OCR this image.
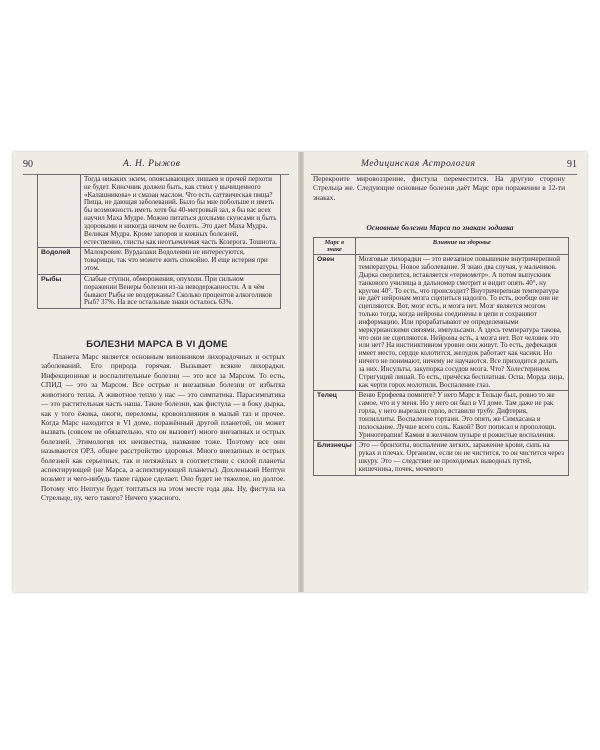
90	А. Н. Рыжов
	Тогда никаких экзем, опоясывающих лишаев и прочей перхоти не будет. Кинсчник должен быть, как ствол у вычищенного «Калашникова» и смазан маслом. Что есть саттвическая пища? Пища, не дающая заболеваний. Было бы мне побольше и иметь бы возможность иметь хотя бы 40-метровый зал, я бы вас всех научил Маха Мудре. Можно питаться дохлыми скунсами и быть здоровыми и никогда ничем не болеть. Это дает Маха Мудра. Великая Мудра. Кроме запоров и кожных болезней, естественно, глисты как неотъемлемая часть Козерога. Тошнота.
Водолей	Малокровие. Вурдалаки Водолеями не интересуются, товарищи, так что можете жить спокойно. И еще истерия при этом.
Рыбы	Слабые ступни, обморожения, опухоли. При сильном поражении Венеры болезни из-за неводержанности. А в чём бывают Рыбы не воздержаны? Сколько процентов алкоголиков Рыб? 37%. На все остальные знаки осталось 63%.
БОЛЕЗНИ МАРСА В VI ДОМЕ

Планета Марс является основным виновником лихорадочных и острых заболеваний. Его природа горячая. Вызывает всякие лихорадки. Инфекционные и воспалительные болезни — это все за Марсом. То есть, СПИД — это за Марсом. Все острые и внезапные болезни от избытка животного тепла. А животное тепло у нас — это симпатика. Парасимпатика — это растительная часть наша. Такие болезни, как фистула — в боку дырка, как у того ёжика, ожоги, переломы, кровоизлияния в малый таз и прочее. Когда Марс находится в VI доме, поражённый другой планетой, он может вызвать (совсем не обязательно, что он вызовет) много внезапных и острых болезней. Этимология их неизвестна, название тоже. Поэтому все они называются ОРЗ, общее расстройство здоровья. Много внезапных и острых болезней как серьезных, так и нетяжёлых в соответствии с силой планеты аспектирующей (не Марса, а аспектирующей планеты). Дохленький Нептун возьмет и чего-нибудь такое гадкое сделает. Оно будет не тяжелое, но долгое. Потому что Нептун будет топтаться на этом месте года два. Ну, фистула на Стрельце, ну, чего такого? Ничего ужасного.

Медицинская Астрология	91

Перекроите мировоззрение, фистула переместится. На другую сторону Стрельца же. Следующие основные болезни даёт Марс при поражении в 12-ти знаках.

Основные болезни Марса по знакам зодиака
Марс в знаке	Влияние на здоровье
Овен	Мозговые лихорадки — это внезапное повышение внутричерепной температуры. Новое заболевание. Я знаю два случая, у мальчиков. Дырка сверлится, вставляется «термометр». А потом выпускник танкового училища в дальномер смотрит и видит опять 40°, ну кругом 40°. То есть, что происходит? Внутричерепная температура не даёт нейронам мозга сцепиться надолго. То есть, вообще они не сцепляются. Вот, мозг есть, и мозга нет. Мозг является мозгом только тогда, когда нейроны соединены в цепи и сохраняют информацию. Или прорабатывают ее определенными меркурианскими связями, импульсами. А здесь температура такова, что они не сцепляются. Нейроны есть, а мозга нет. Вот человек это или нет? На инстинктивном уровне они живут. То есть, дефекация имеет место, сердце колотится, желудок работает как часики. Но ничего не понимают, ничему не научаются. Все приходится делать за них. Инсульты, закупорка сосудов мозга. Что? Холестерином. Стригущий лишай. То есть, причёска бесплатная. Оспа. Морда лица, как черти горох молотили. Воспаление глаз.
Телец	Веню Ерофеева помните? У него Марс в Тельце был, ровно то же самое, что и у меня. Но у него он был в VI доме. Там даже не рак горла, у него вырезали горло, вставили трубу. Дифтерия, тонзиллиты. Воспаление гортани. Это опять же Симхасана и полоскание. Лучше всего соль. Какой? Вот пописал и прополощи. Уринотерапия! Камни в желчном пузыре и рожистые воспаления.
Близнецы	Это — бронхиты, воспаление легких, заражение крови, сыпь на руках и плечах. Организм, если он не чистится, то он чистится через шкуру. Это — следствие не проходимых выводных путей, кишечника, почек, мочевого
